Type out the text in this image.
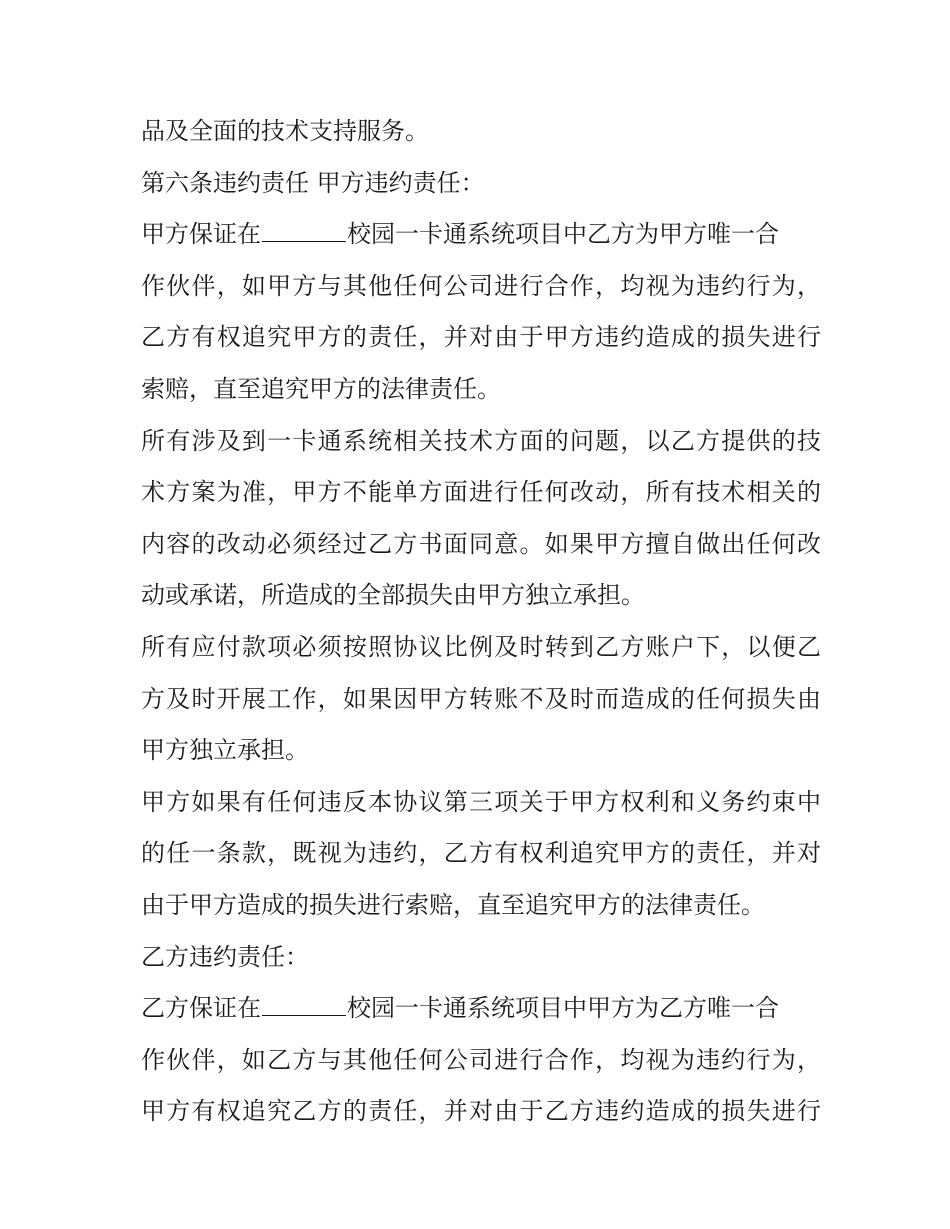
品及全面的技术支持服务。
第六条违约责任 甲方违约责任：
甲方保证在	校园一卡通系统项目中乙方为甲方唯一合
作伙伴，如甲方与其他任何公司进行合作，均视为违约行为，
乙方有权追究甲方的责任，并对由于甲方违约造成的损失进行
索赔，直至追究甲方的法律责任。
所有涉及到一卡通系统相关技术方面的问题，以乙方提供的技
术方案为准，甲方不能单方面进行任何改动，所有技术相关的
内容的改动必须经过乙方书面同意。如果甲方擅自做出任何改
动或承诺，所造成的全部损失由甲方独立承担。
所有应付款项必须按照协议比例及时转到乙方账户下，以便乙
方及时开展工作，如果因甲方转账不及时而造成的任何损失由
甲方独立承担。
甲方如果有任何违反本协议第三项关于甲方权利和义务约束中
的任一条款，既视为违约，乙方有权利追究甲方的责任，并对
由于甲方造成的损失进行索赔，直至追究甲方的法律责任。
乙方违约责任：
乙方保证在	校园一卡通系统项目中甲方为乙方唯一合
作伙伴，如乙方与其他任何公司进行合作，均视为违约行为，
甲方有权追究乙方的责任，并对由于乙方违约造成的损失进行
